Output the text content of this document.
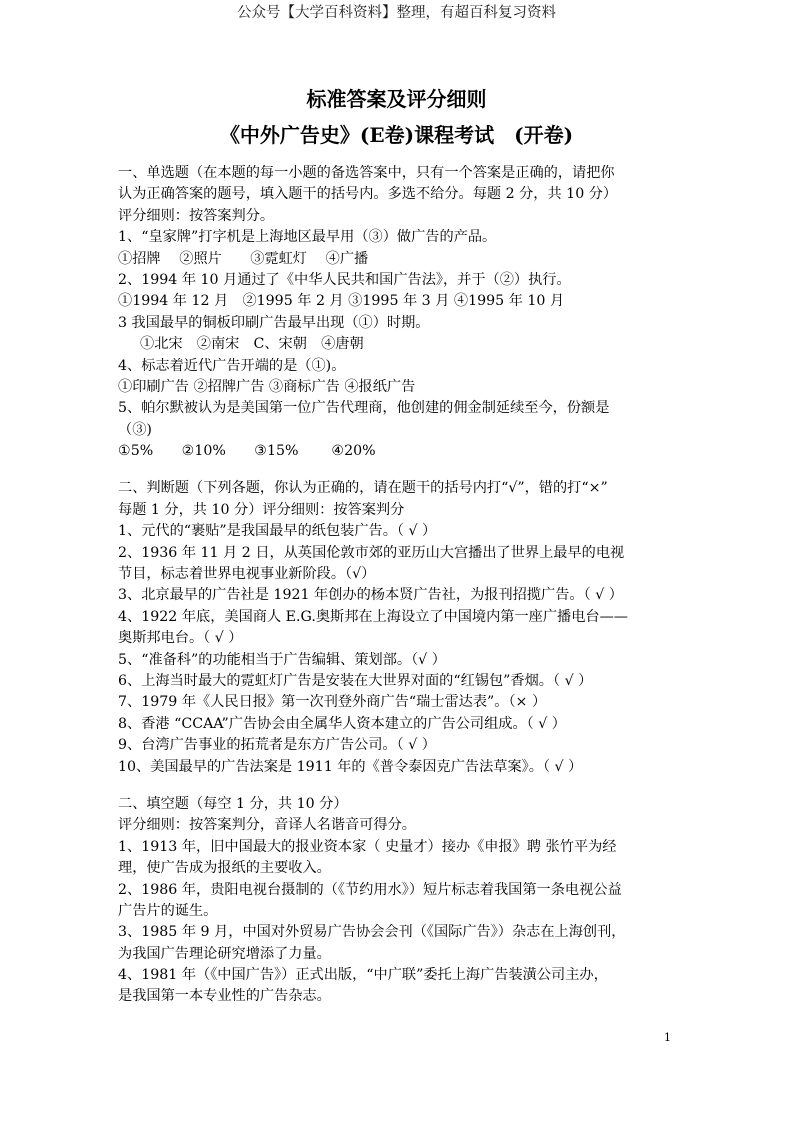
公众号【大学百科资料】整理，有超百科复习资料
标准答案及评分细则
《中外广告史》(E卷)课程考试　(开卷)
一、单选题（在本题的每一小题的备选答案中，只有一个答案是正确的，请把你
认为正确答案的题号，填入题干的括号内。多选不给分。每题 2 分，共 10 分）
评分细则：按答案判分。
1、“皇家牌”打字机是上海地区最早用（③）做广告的产品。
①招牌　 ②照片　　③霓虹灯　 ④广播
2、1994 年 10 月通过了《中华人民共和国广告法》，并于（②）执行。
①1994 年 12 月　②1995 年 2 月 ③1995 年 3 月 ④1995 年 10 月
3 我国最早的铜板印刷广告最早出现（①）时期。
①北宋　②南宋　C、宋朝　④唐朝
4、标志着近代广告开端的是（①)。
①印刷广告 ②招牌广告 ③商标广告 ④报纸广告
5、帕尔默被认为是美国第一位广告代理商，他创建的佣金制延续至今，份额是
（③)
①5%　　②10%　　③15%　　 ④20%
二、判断题（下列各题，你认为正确的，请在题干的括号内打“√”，错的打“×”
每题 1 分，共 10 分）评分细则：按答案判分
1、元代的“裹贴”是我国最早的纸包装广告。（ √ ）
2、1936 年 11 月 2 日，从英国伦敦市郊的亚历山大宫播出了世界上最早的电视
节目，标志着世界电视事业新阶段。（√）
3、北京最早的广告社是 1921 年创办的杨本贤广告社，为报刊招揽广告。（ √ ）
4、1922 年底，美国商人 E.G.奥斯邦在上海设立了中国境内第一座广播电台——
奥斯邦电台。（ √ ）
5、“准备科”的功能相当于广告编辑、策划部。（√ ）
6、上海当时最大的霓虹灯广告是安装在大世界对面的“红锡包”香烟。（ √ ）
7、1979 年《人民日报》第一次刊登外商广告“瑞士雷达表”。（× ）
8、香港 “CCAA”广告协会由全属华人资本建立的广告公司组成。（ √ ）
9、台湾广告事业的拓荒者是东方广告公司。（ √ ）
10、美国最早的广告法案是 1911 年的《普令泰因克广告法草案》。（ √ ）
二、填空题（每空 1 分，共 10 分）
评分细则：按答案判分，音译人名谐音可得分。
1、1913 年，旧中国最大的报业资本家（ 史量才）接办《申报》聘 张竹平为经
理，使广告成为报纸的主要收入。
2、1986 年，贵阳电视台摄制的（《节约用水》）短片标志着我国第一条电视公益
广告片的诞生。
3、1985 年 9 月，中国对外贸易广告协会会刊（《国际广告》）杂志在上海创刊，
为我国广告理论研究增添了力量。
4、1981 年（《中国广告》）正式出版，“中广联”委托上海广告装潢公司主办，
是我国第一本专业性的广告杂志。
1
